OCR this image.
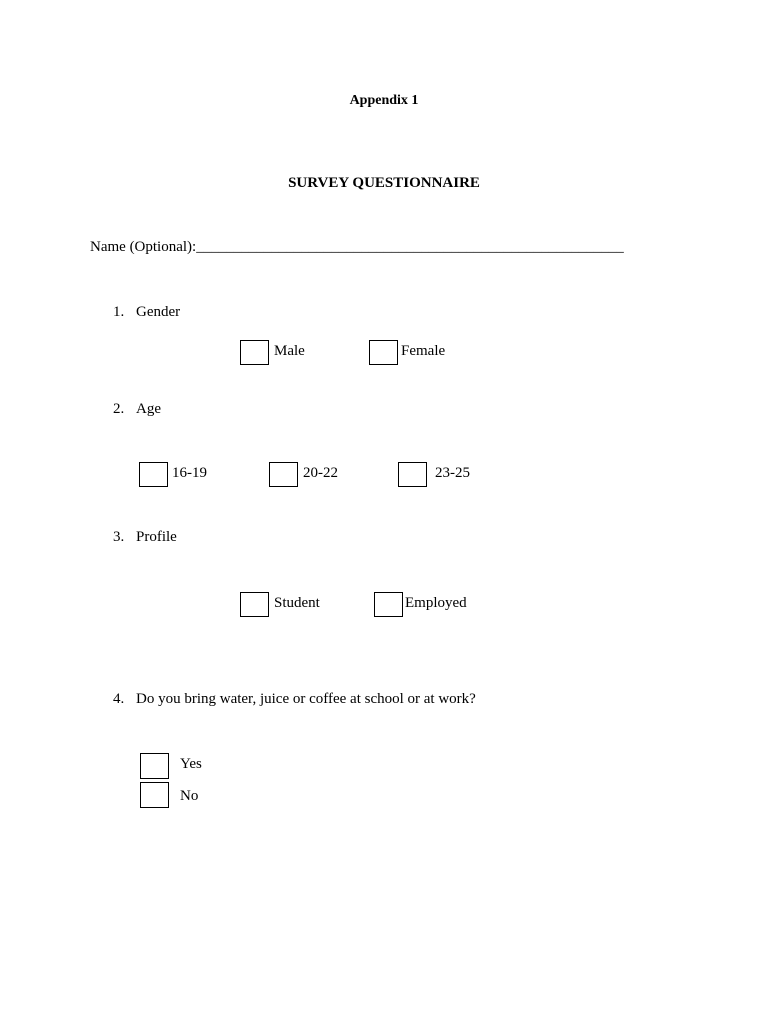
Appendix 1
SURVEY QUESTIONNAIRE
Name (Optional):_________________________________________________________
1. Gender
Male	Female
2. Age
16-19	20-22	23-25
3. Profile
Student	Employed
4. Do you bring water, juice or coffee at school or at work?
Yes
No
